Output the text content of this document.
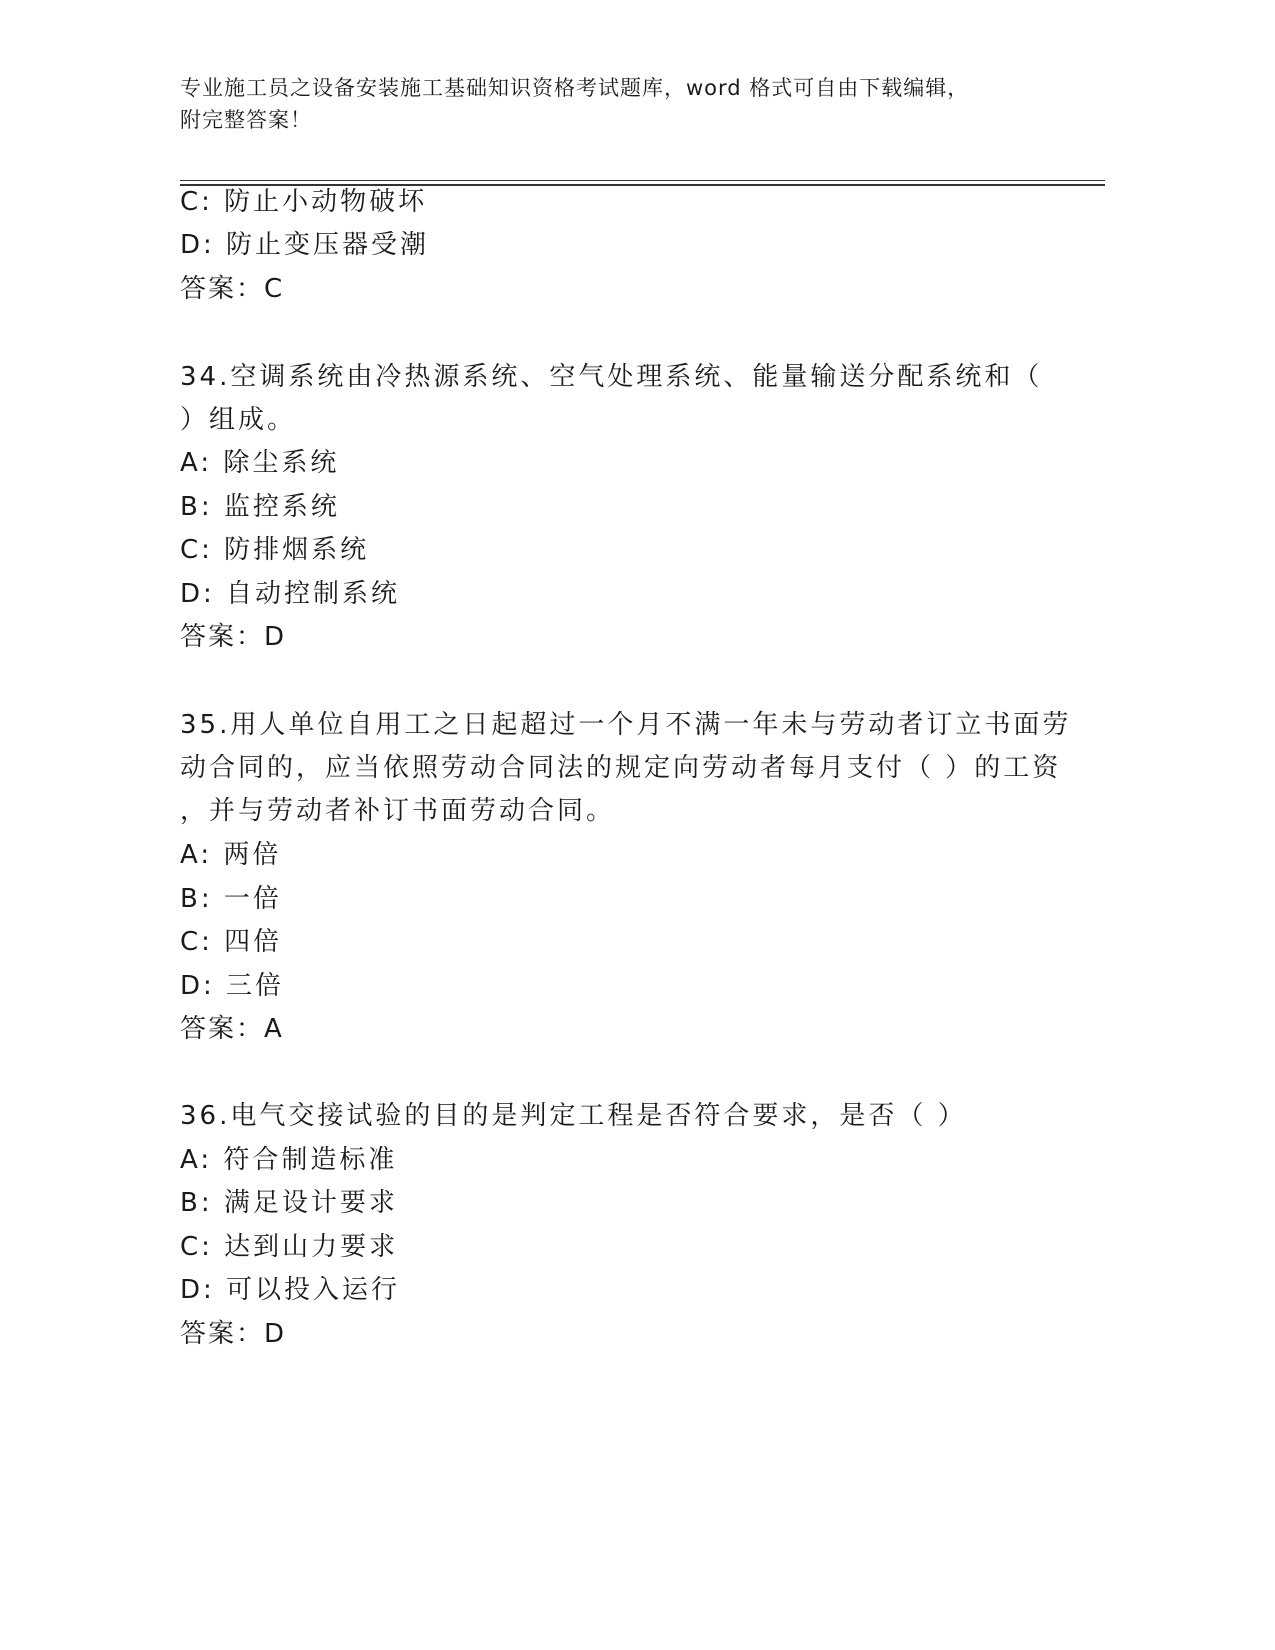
专业施工员之设备安装施工基础知识资格考试题库，word 格式可自由下载编辑，
附完整答案！
C: 防止小动物破坏
D: 防止变压器受潮
答案：C
34.空调系统由冷热源系统、空气处理系统、能量输送分配系统和（
）组成。
A: 除尘系统
B: 监控系统
C: 防排烟系统
D: 自动控制系统
答案：D
35.用人单位自用工之日起超过一个月不满一年未与劳动者订立书面劳
动合同的，应当依照劳动合同法的规定向劳动者每月支付（ ）的工资
，并与劳动者补订书面劳动合同。
A: 两倍
B: 一倍
C: 四倍
D: 三倍
答案：A
36.电气交接试验的目的是判定工程是否符合要求，是否（ ）
A: 符合制造标准
B: 满足设计要求
C: 达到山力要求
D: 可以投入运行
答案：D
